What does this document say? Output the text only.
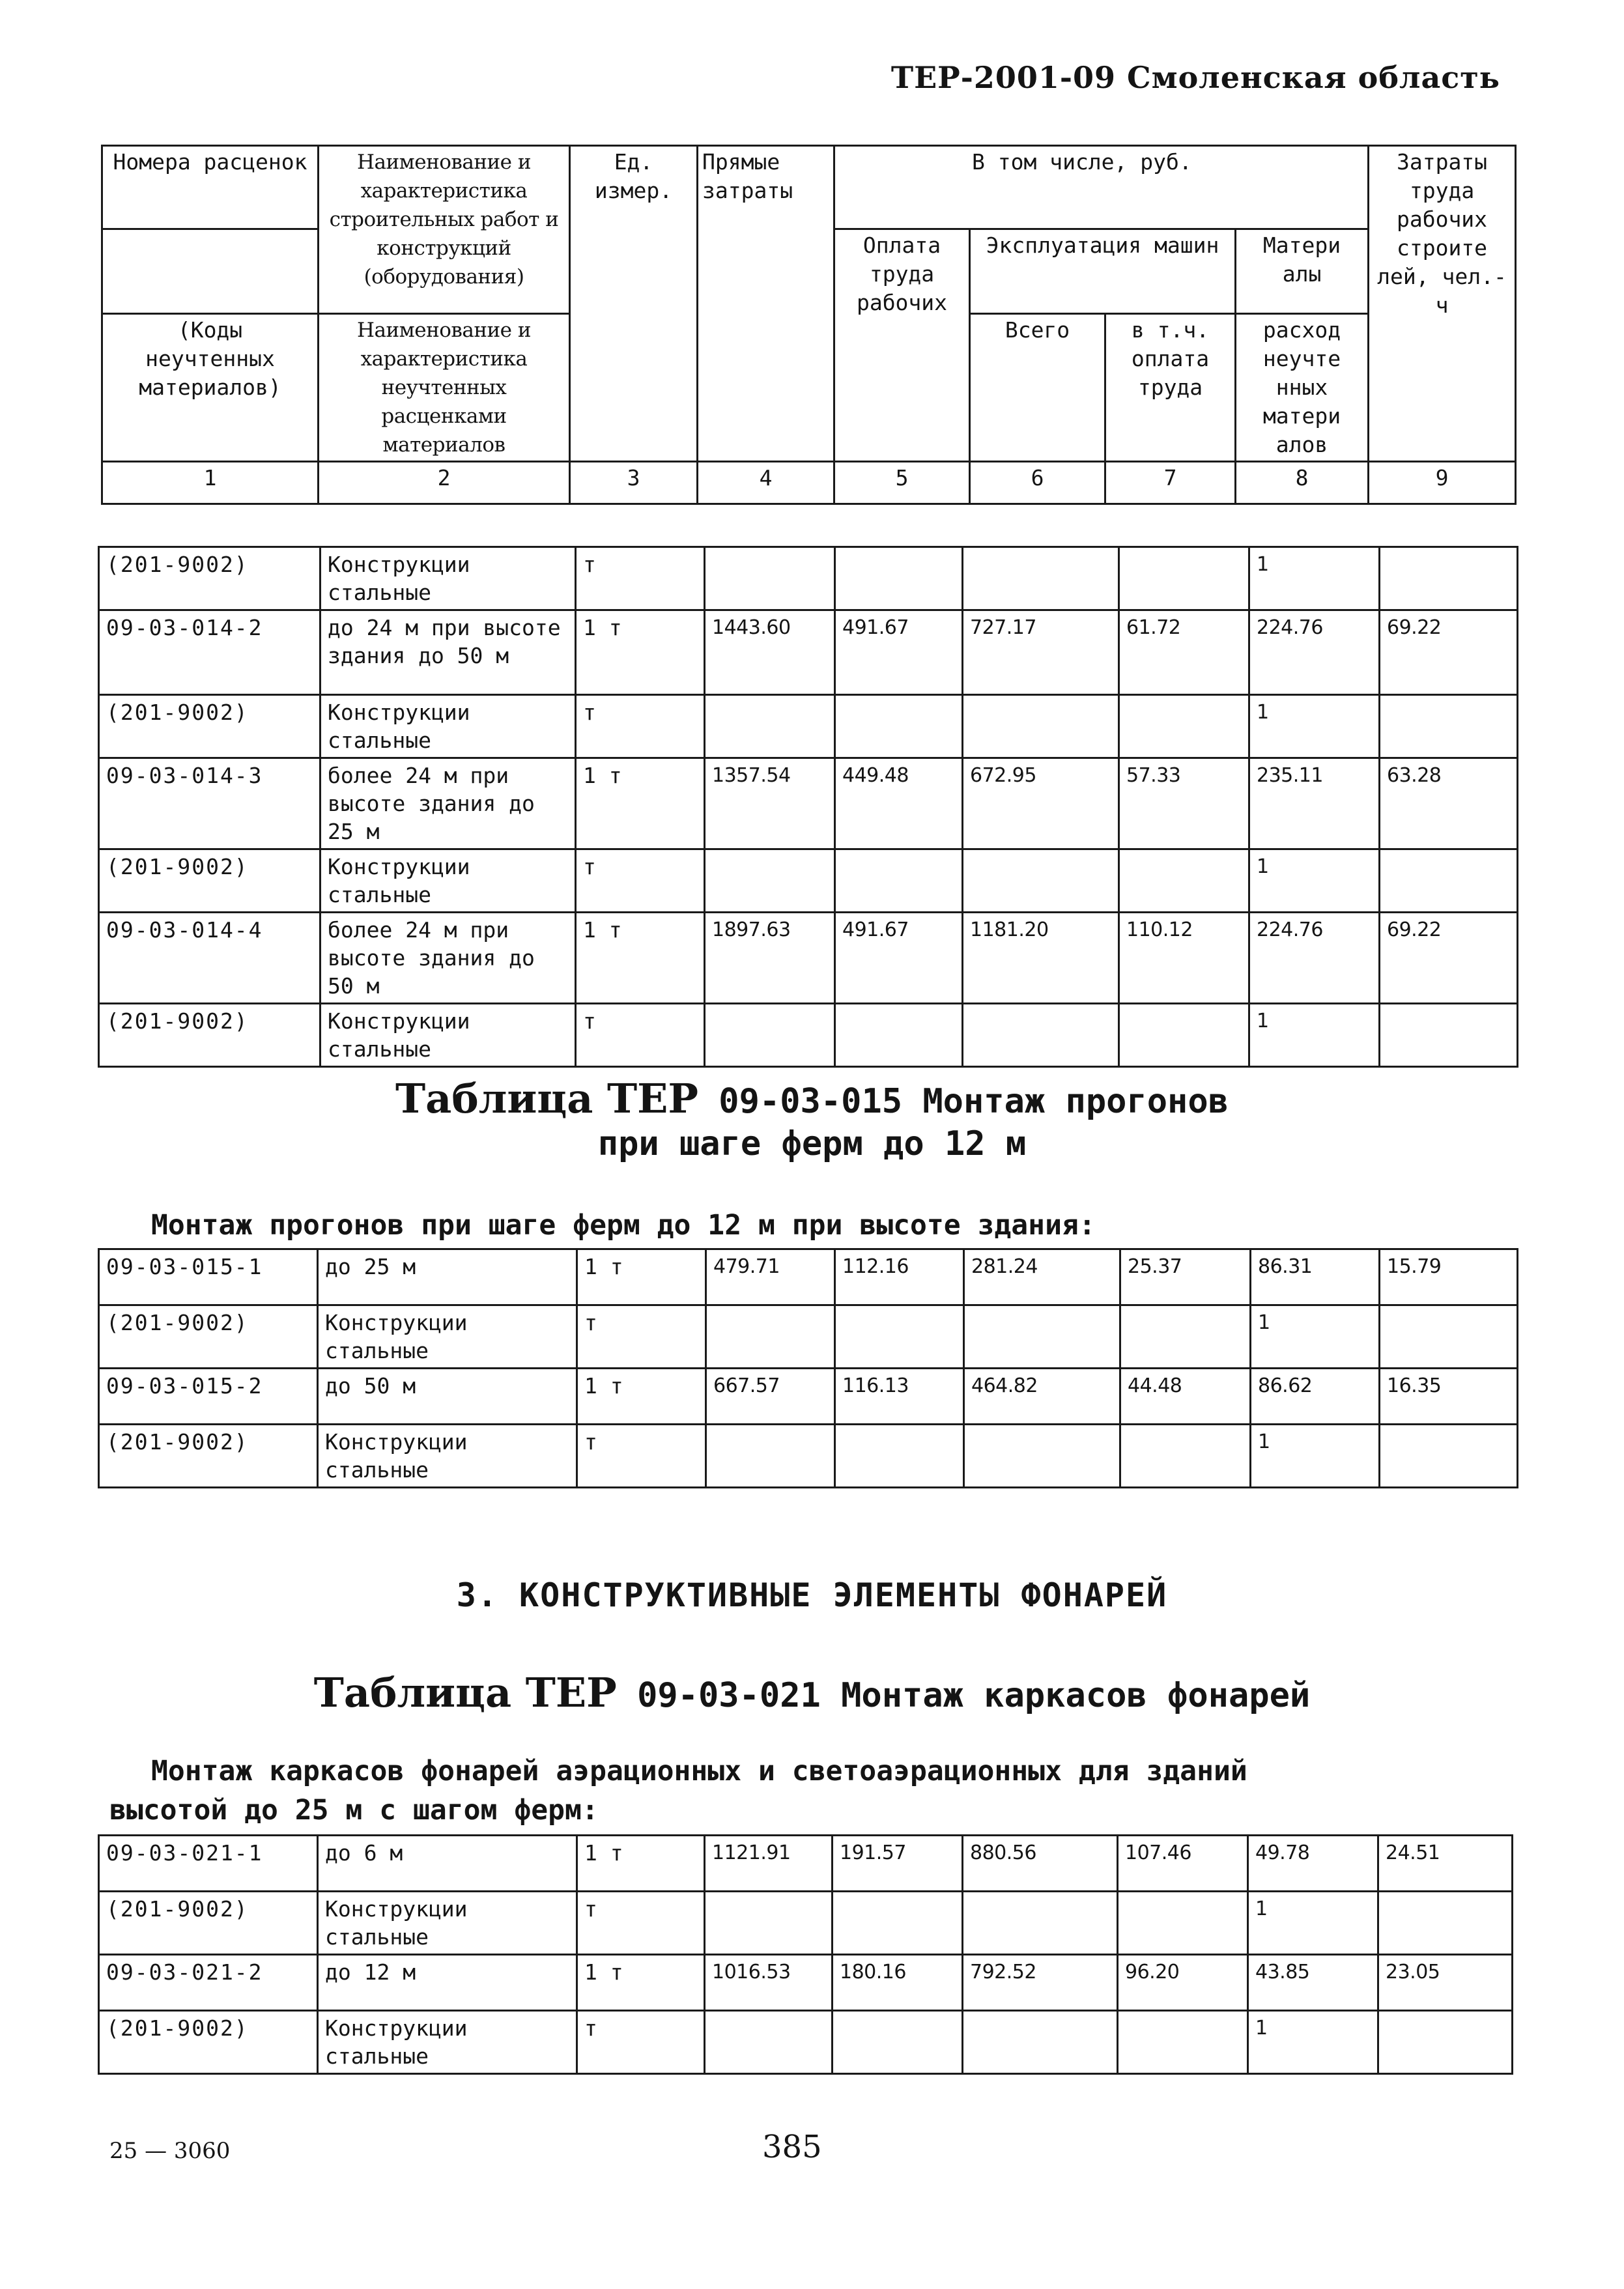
ТЕР-2001-09 Смоленская область
Номера расценок	Наименование и характеристика строительных работ и конструкций (оборудования)	Ед. измер.	Прямые затраты	В том числе, руб.				Затраты труда рабочих строите лей, чел.-ч
				Оплата труда рабочих	Эксплуатация машин		Матери алы	
(Коды неучтенных материалов)	Наименование и характеристика неучтенных расценками материалов				Всего	в т.ч. оплата труда	расход неучте нных матери алов	
1	2	3	4	5	6	7	8	9
(201-9002)	Конструкции стальные	т					1	
09-03-014-2	до 24 м при высоте здания до 50 м	1 т	1443.60	491.67	727.17	61.72	224.76	69.22
(201-9002)	Конструкции стальные	т					1	
09-03-014-3	более 24 м при высоте здания до 25 м	1 т	1357.54	449.48	672.95	57.33	235.11	63.28
(201-9002)	Конструкции стальные	т					1	
09-03-014-4	более 24 м при высоте здания до 50 м	1 т	1897.63	491.67	1181.20	110.12	224.76	69.22
(201-9002)	Конструкции стальные	т					1	
Таблица ТЕР 09-03-015 Монтаж прогонов
при шаге ферм до 12 м

Монтаж прогонов при шаге ферм до 12 м при высоте здания:

09-03-015-1	до 25 м	1 т	479.71	112.16	281.24	25.37	86.31	15.79
(201-9002)	Конструкции стальные	т					1	
09-03-015-2	до 50 м	1 т	667.57	116.13	464.82	44.48	86.62	16.35
(201-9002)	Конструкции стальные	т					1	
3. КОНСТРУКТИВНЫЕ ЭЛЕМЕНТЫ ФОНАРЕЙ
Таблица ТЕР 09-03-021 Монтаж каркасов фонарей

Монтаж каркасов фонарей аэрационных и светоаэрационных для зданий

высотой до 25 м с шагом ферм:

09-03-021-1	до 6 м	1 т	1121.91	191.57	880.56	107.46	49.78	24.51
(201-9002)	Конструкции стальные	т					1	
09-03-021-2	до 12 м	1 т	1016.53	180.16	792.52	96.20	43.85	23.05
(201-9002)	Конструкции стальные	т					1	
25 — 3060	385
